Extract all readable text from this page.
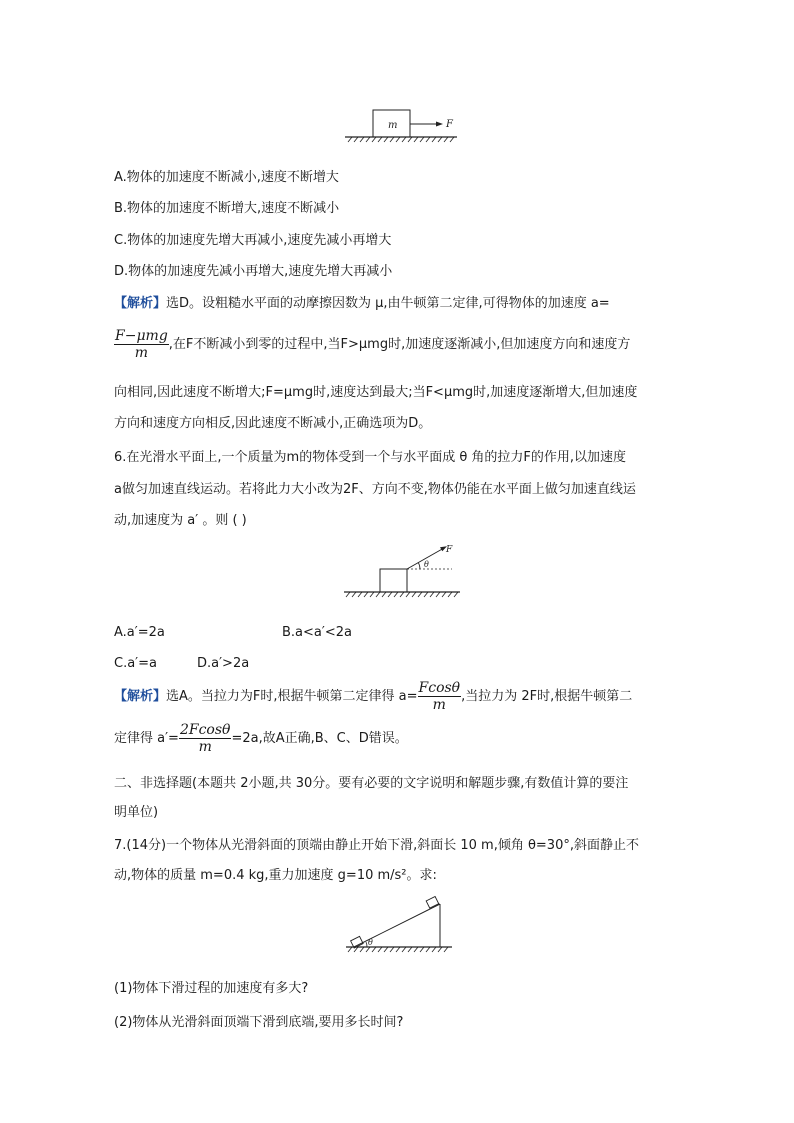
m	F
A.物体的加速度不断减小,速度不断增大
B.物体的加速度不断增大,速度不断减小
C.物体的加速度先增大再减小,速度先减小再增大
D.物体的加速度先减小再增大,速度先增大再减小
【解析】选D。设粗糙水平面的动摩擦因数为 μ,由牛顿第二定律,可得物体的加速度 a=
$\frac{\text{F−μmg}}{m}$ ,在F不断减小到零的过程中,当F>μmg时,加速度逐渐减小,但加速度方向和速度方
向相同,因此速度不断增大;F=μmg时,速度达到最大;当F<μmg时,加速度逐渐增大,但加速度
方向和速度方向相反,因此速度不断减小,正确选项为D。
6.在光滑水平面上,一个质量为m的物体受到一个与水平面成 θ 角的拉力F的作用,以加速度
a做匀加速直线运动。若将此力大小改为2F、方向不变,物体仍能在水平面上做匀加速直线运
动,加速度为 a′ 。则 ( )
F
θ
A.a′=2a	B.a<a′<2a
C.a′=a	D.a′>2a
【解析】选A。当拉力为F时,根据牛顿第二定律得 $a= \frac{Fcos\theta}{m}$ ,当拉力为 2F时,根据牛顿第二
定律得 $a'= \frac{2Fcos\theta}{m} =2a$,故A正确,B、C、D错误。
二、非选择题(本题共 2小题,共 30分。要有必要的文字说明和解题步骤,有数值计算的要注
明单位)
7.(14分)一个物体从光滑斜面的顶端由静止开始下滑,斜面长 10 m,倾角 θ=30°,斜面静止不
动,物体的质量 m=0.4 kg,重力加速度 g=10 m/s²。求:
θ
(1)物体下滑过程的加速度有多大?
(2)物体从光滑斜面顶端下滑到底端,要用多长时间?
